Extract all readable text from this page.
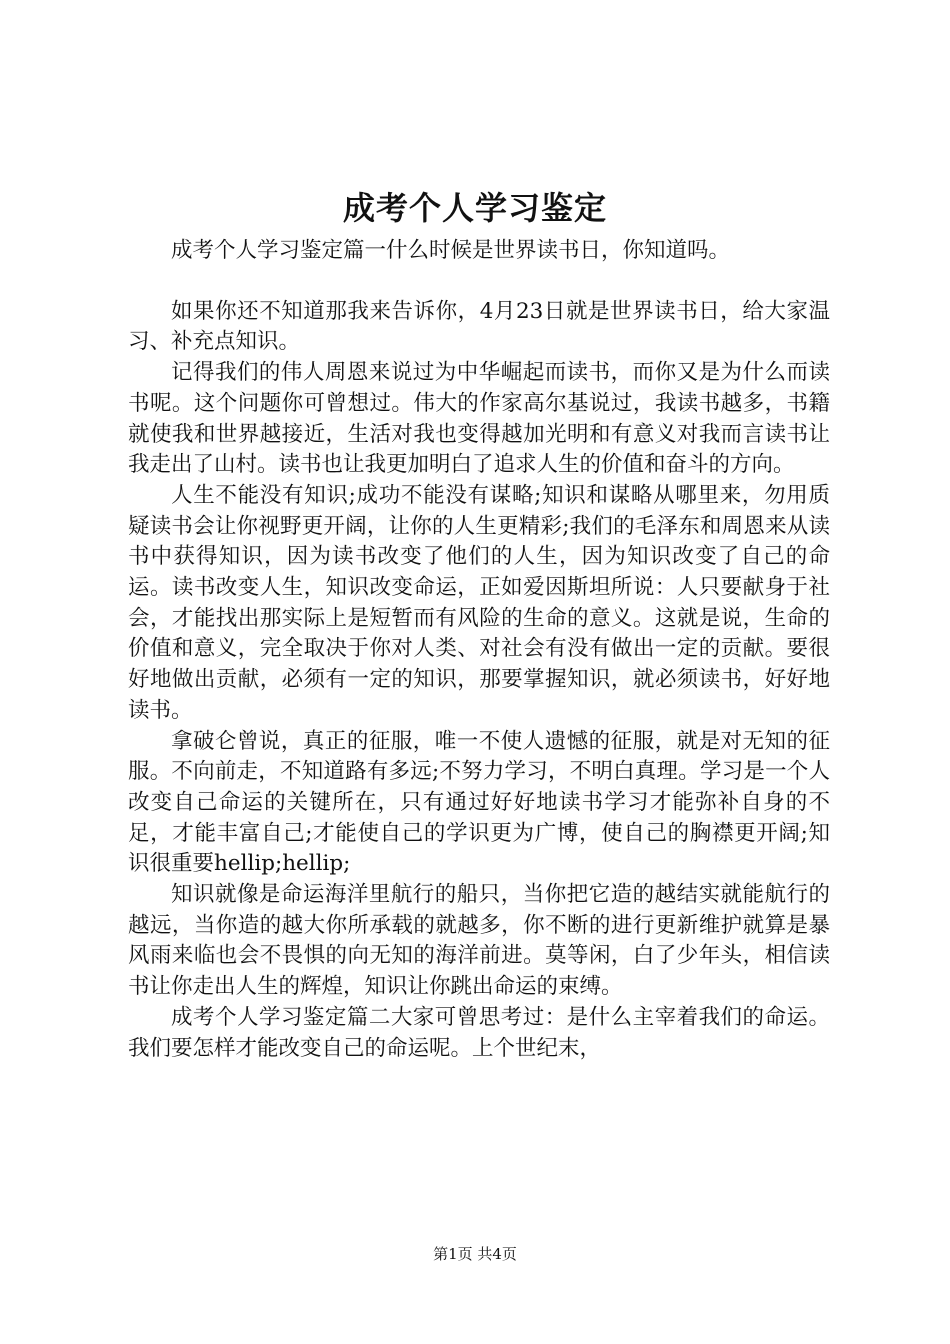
成考个人学习鉴定

成考个人学习鉴定篇一什么时候是世界读书日，你知道吗。

如果你还不知道那我来告诉你，4月23日就是世界读书日，给大家温习、补充点知识。

记得我们的伟人周恩来说过为中华崛起而读书，而你又是为什么而读书呢。这个问题你可曾想过。伟大的作家高尔基说过，我读书越多，书籍就使我和世界越接近，生活对我也变得越加光明和有意义对我而言读书让我走出了山村。读书也让我更加明白了追求人生的价值和奋斗的方向。

人生不能没有知识;成功不能没有谋略;知识和谋略从哪里来，勿用质疑读书会让你视野更开阔，让你的人生更精彩;我们的毛泽东和周恩来从读书中获得知识，因为读书改变了他们的人生，因为知识改变了自己的命运。读书改变人生，知识改变命运，正如爱因斯坦所说：人只要献身于社会，才能找出那实际上是短暂而有风险的生命的意义。这就是说，生命的价值和意义，完全取决于你对人类、对社会有没有做出一定的贡献。要很好地做出贡献，必须有一定的知识，那要掌握知识，就必须读书，好好地读书。

拿破仑曾说，真正的征服，唯一不使人遗憾的征服，就是对无知的征服。不向前走，不知道路有多远;不努力学习，不明白真理。学习是一个人改变自己命运的关键所在，只有通过好好地读书学习才能弥补自身的不足，才能丰富自己;才能使自己的学识更为广博，使自己的胸襟更开阔;知识很重要hellip;hellip;

知识就像是命运海洋里航行的船只，当你把它造的越结实就能航行的越远，当你造的越大你所承载的就越多，你不断的进行更新维护就算是暴风雨来临也会不畏惧的向无知的海洋前进。莫等闲，白了少年头，相信读书让你走出人生的辉煌，知识让你跳出命运的束缚。

成考个人学习鉴定篇二大家可曾思考过：是什么主宰着我们的命运。我们要怎样才能改变自己的命运呢。上个世纪末，

第1页 共4页
